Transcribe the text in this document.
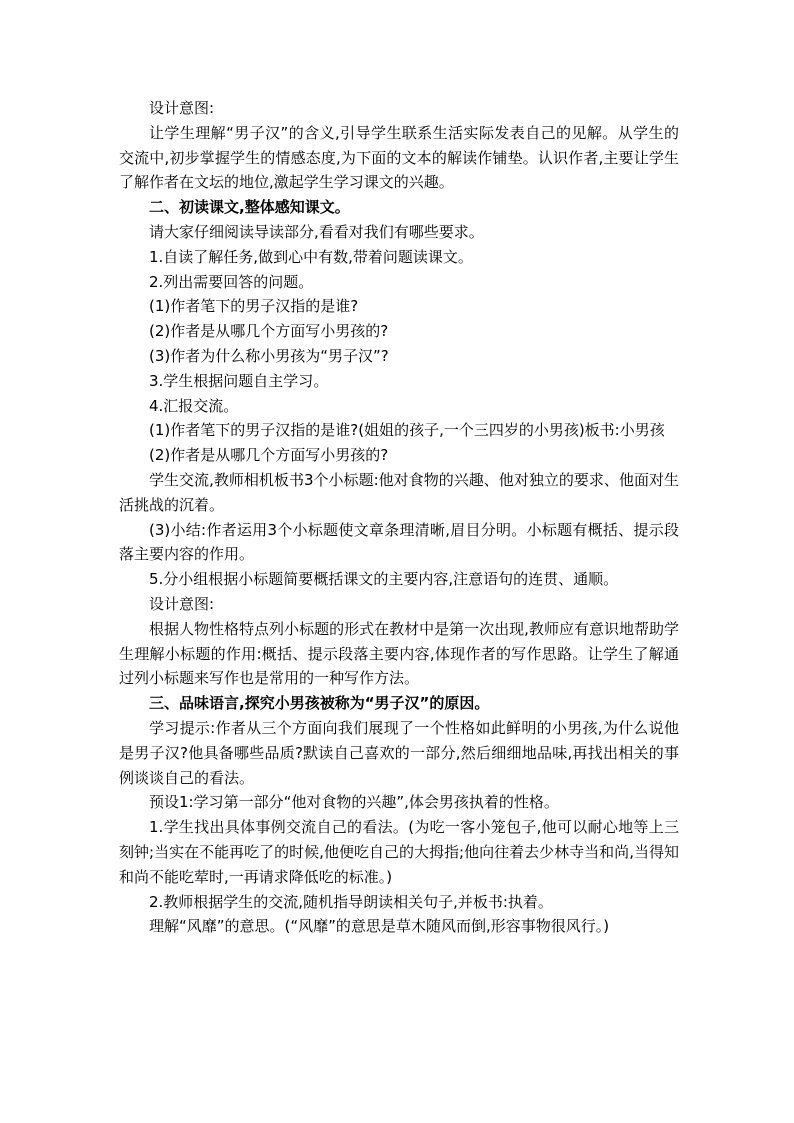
设计意图:

让学生理解“男子汉”的含义,引导学生联系生活实际发表自己的见解。从学生的交流中,初步掌握学生的情感态度,为下面的文本的解读作铺垫。认识作者,主要让学生了解作者在文坛的地位,激起学生学习课文的兴趣。

二、初读课文,整体感知课文。

请大家仔细阅读导读部分,看看对我们有哪些要求。

1.自读了解任务,做到心中有数,带着问题读课文。

2.列出需要回答的问题。

(1)作者笔下的男子汉指的是谁?

(2)作者是从哪几个方面写小男孩的?

(3)作者为什么称小男孩为“男子汉”?

3.学生根据问题自主学习。

4.汇报交流。

(1)作者笔下的男子汉指的是谁?(姐姐的孩子,一个三四岁的小男孩)板书:小男孩

(2)作者是从哪几个方面写小男孩的?

学生交流,教师相机板书3个小标题:他对食物的兴趣、他对独立的要求、他面对生活挑战的沉着。

(3)小结:作者运用3个小标题使文章条理清晰,眉目分明。小标题有概括、提示段落主要内容的作用。

5.分小组根据小标题简要概括课文的主要内容,注意语句的连贯、通顺。

设计意图:

根据人物性格特点列小标题的形式在教材中是第一次出现,教师应有意识地帮助学生理解小标题的作用:概括、提示段落主要内容,体现作者的写作思路。让学生了解通过列小标题来写作也是常用的一种写作方法。

三、品味语言,探究小男孩被称为“男子汉”的原因。

学习提示:作者从三个方面向我们展现了一个性格如此鲜明的小男孩,为什么说他是男子汉?他具备哪些品质?默读自己喜欢的一部分,然后细细地品味,再找出相关的事例谈谈自己的看法。

预设1:学习第一部分“他对食物的兴趣”,体会男孩执着的性格。

1.学生找出具体事例交流自己的看法。(为吃一客小笼包子,他可以耐心地等上三刻钟;当实在不能再吃了的时候,他便吃自己的大拇指;他向往着去少林寺当和尚,当得知和尚不能吃荤时,一再请求降低吃的标准。)

2.教师根据学生的交流,随机指导朗读相关句子,并板书:执着。

理解“风靡”的意思。(“风靡”的意思是草木随风而倒,形容事物很风行。)
